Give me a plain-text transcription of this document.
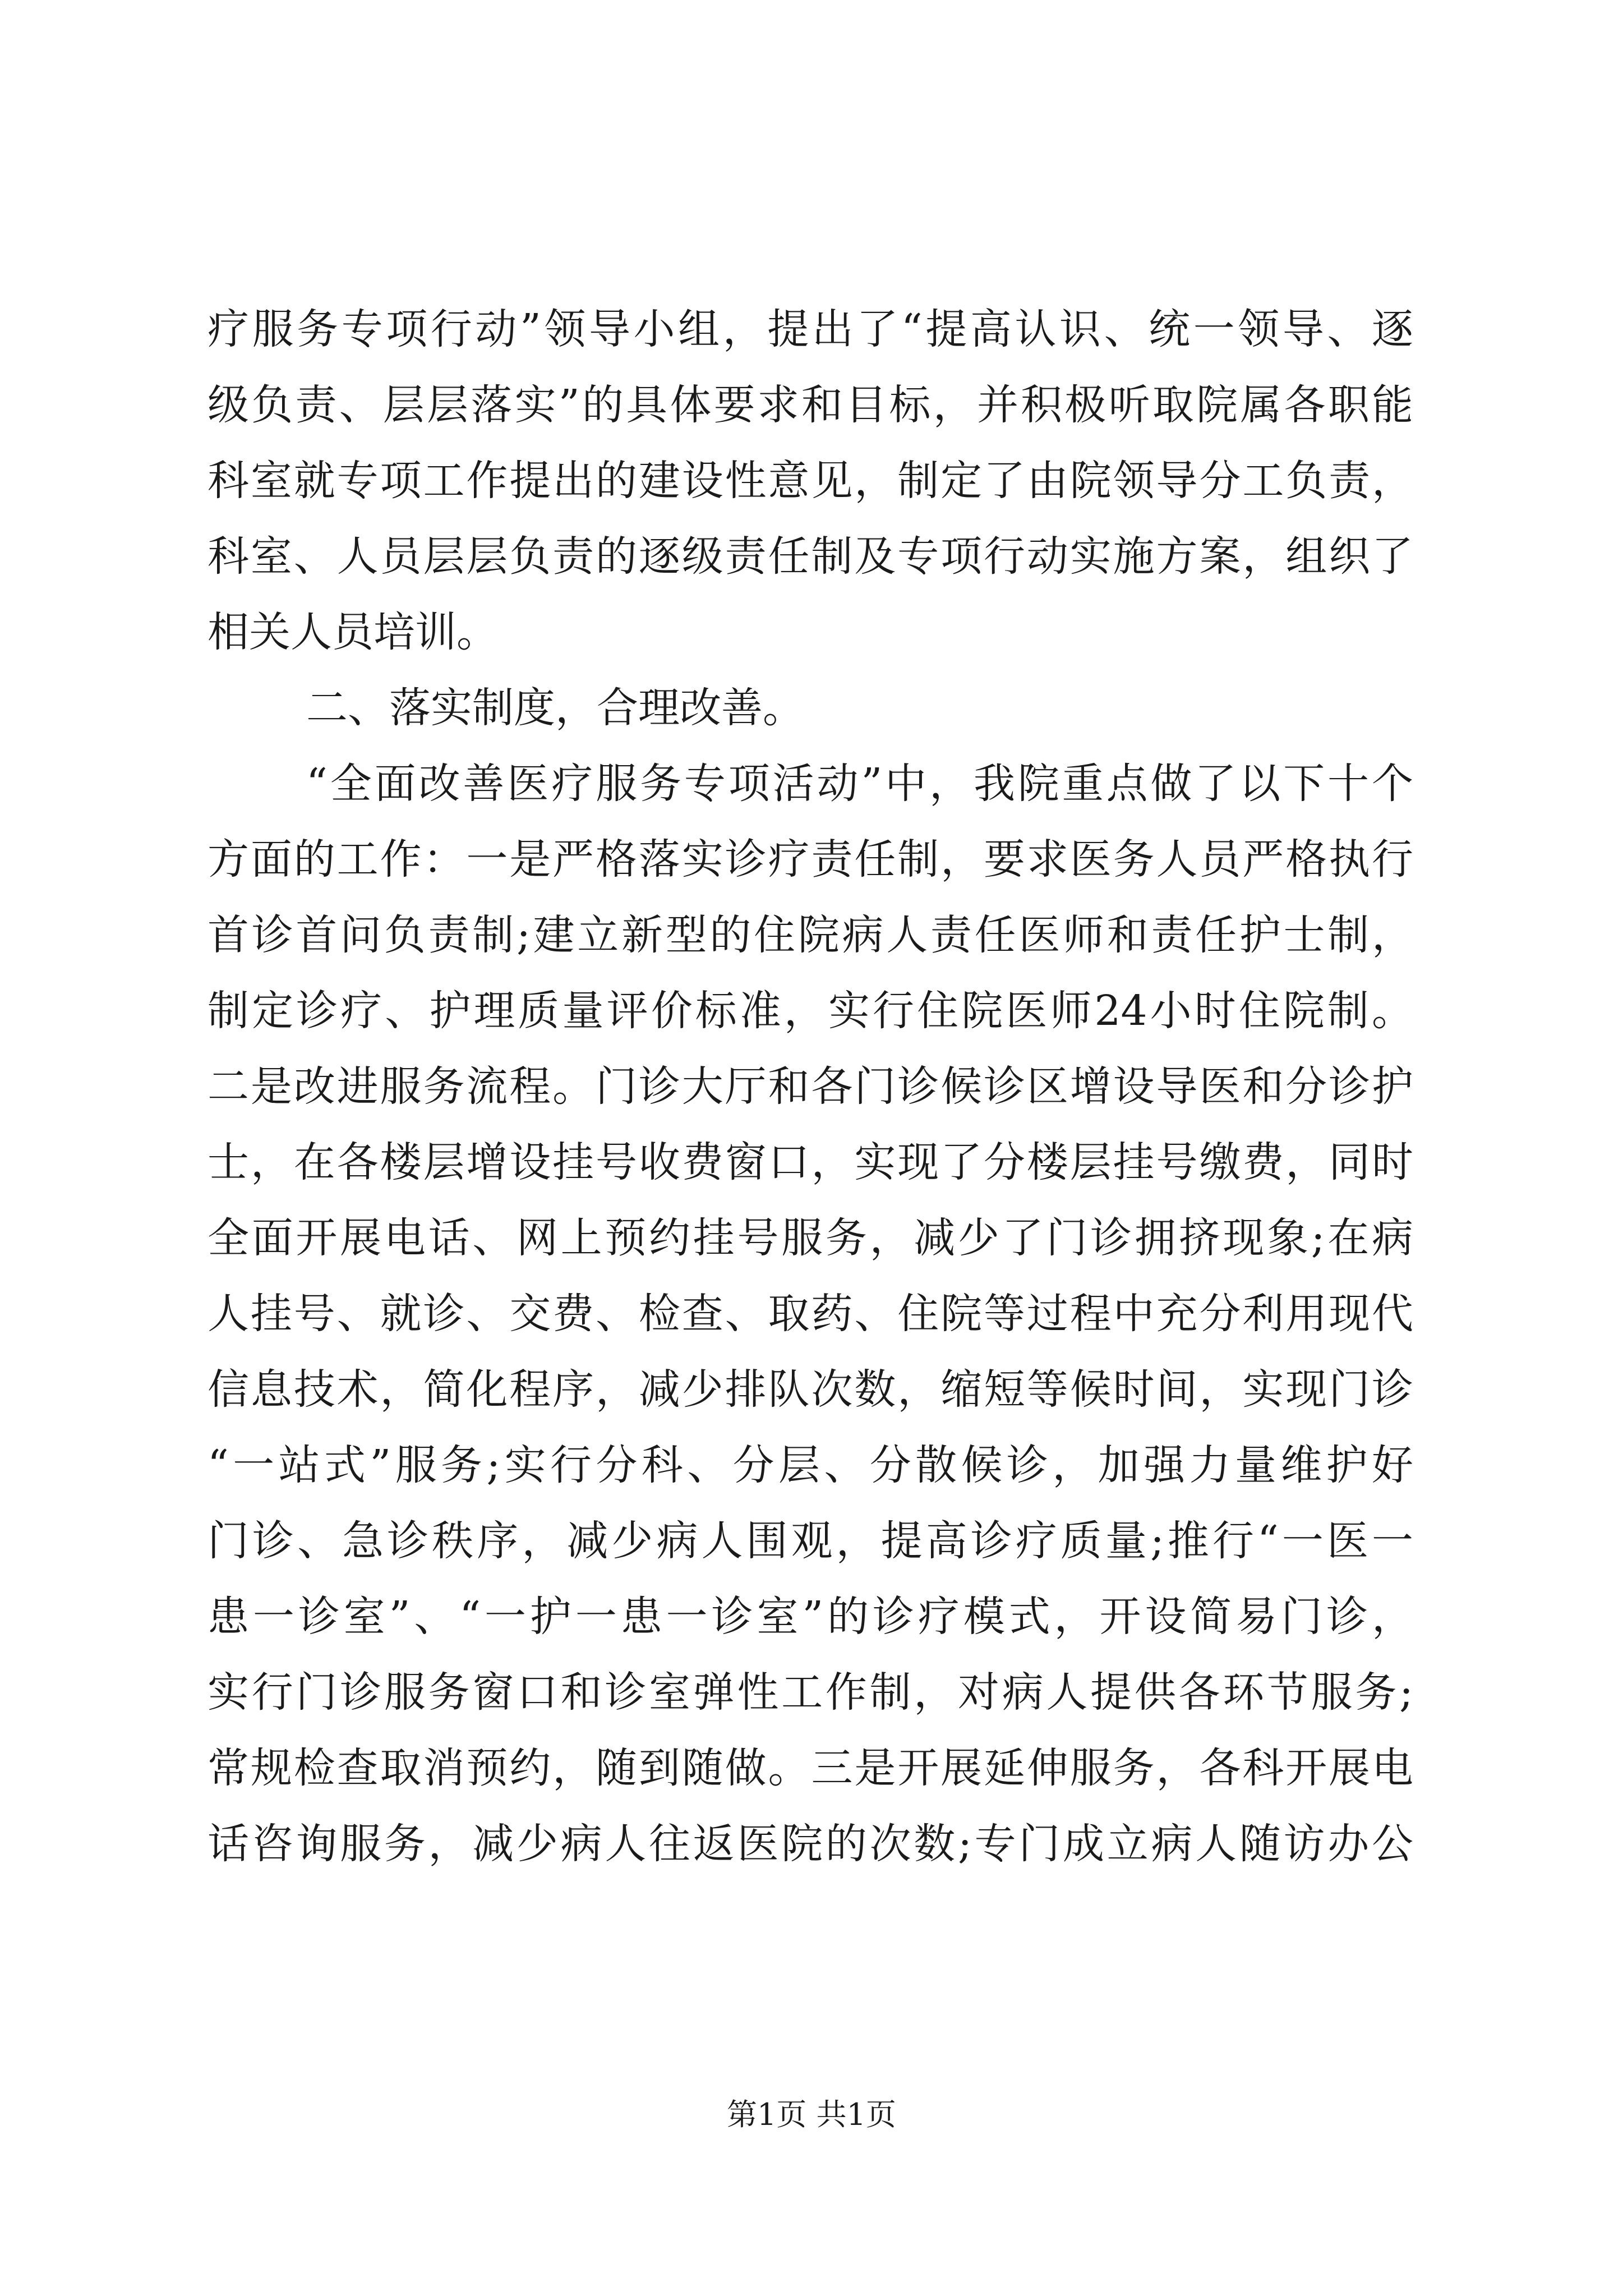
疗服务专项行动”领导小组，提出了“提高认识、统一领导、逐
级负责、层层落实”的具体要求和目标，并积极听取院属各职能
科室就专项工作提出的建设性意见，制定了由院领导分工负责，
科室、人员层层负责的逐级责任制及专项行动实施方案，组织了
相关人员培训。
二、落实制度，合理改善。
“全面改善医疗服务专项活动”中，我院重点做了以下十个
方面的工作：一是严格落实诊疗责任制，要求医务人员严格执行
首诊首问负责制;建立新型的住院病人责任医师和责任护士制，
制定诊疗、护理质量评价标准，实行住院医师24小时住院制。
二是改进服务流程。门诊大厅和各门诊候诊区增设导医和分诊护
士，在各楼层增设挂号收费窗口，实现了分楼层挂号缴费，同时
全面开展电话、网上预约挂号服务，减少了门诊拥挤现象;在病
人挂号、就诊、交费、检查、取药、住院等过程中充分利用现代
信息技术，简化程序，减少排队次数，缩短等候时间，实现门诊
“一站式”服务;实行分科、分层、分散候诊，加强力量维护好
门诊、急诊秩序，减少病人围观，提高诊疗质量;推行“一医一
患一诊室”、“一护一患一诊室”的诊疗模式，开设简易门诊，
实行门诊服务窗口和诊室弹性工作制，对病人提供各环节服务;
常规检查取消预约，随到随做。三是开展延伸服务，各科开展电
话咨询服务，减少病人往返医院的次数;专门成立病人随访办公
第1页 共1页
